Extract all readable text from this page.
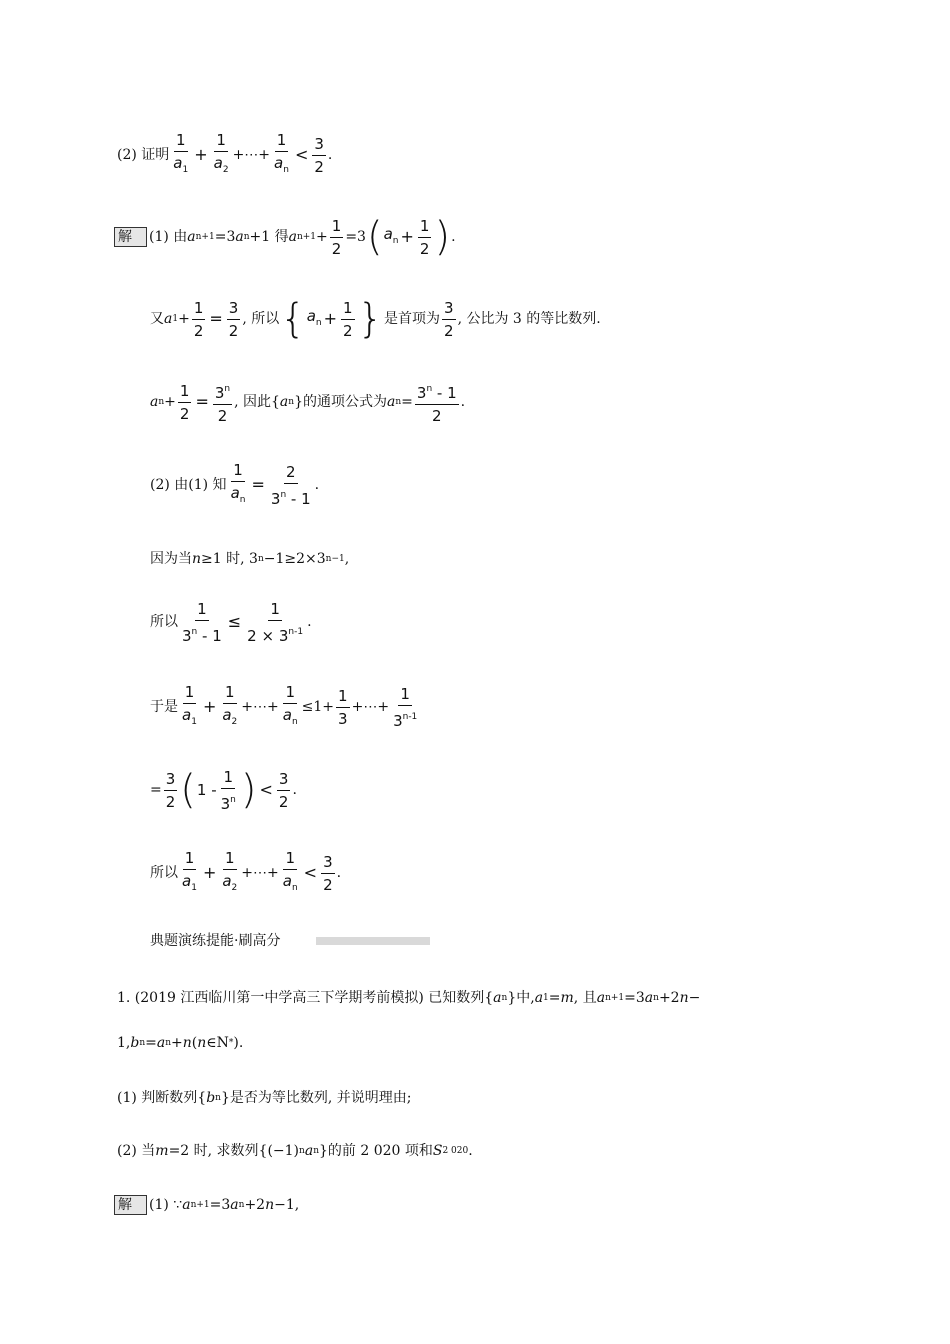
(2) 证明 $\frac{1}{a_1} + \frac{1}{a_2}$ +⋯+ $\frac{1}{a_n} < \frac{3}{2}$ .
解	(1) 由 a n+1 =3 a n +1 得 a $n+1 + \frac{1}{2} =3$ ( $a_n + \frac{1}{2}$ ) .
又 a $1 + \frac{1}{2} = \frac{3}{2}$ , 所以 { $a_n + \frac{1}{2}$ } 是首项为 $\frac{3}{2}$ , 公比为 3 的等比数列.
a $n + \frac{1}{2} = \frac{3^n}{2}$ , 因此{ a n }的通项公式为 a $n = \frac{3^n - 1}{2}$ .
(2) 由(1) 知 $\frac{1}{a_n} = \frac{2}{3^n - 1}$ .
因为当 n ≥1 时, 3 n −1≥2×3 n−1 ,
所以 $\frac{1}{3^n - 1} \le \frac{1}{2 \times 3^{n-1}}$ .
于是 $\frac{1}{a_1} + \frac{1}{a_2}$ +⋯+ $\frac{1}{a_n} \le 1+ \frac{1}{3}$ +⋯+ $\frac{1}{3^{n-1}}$
= $\frac{3}{2}$ ( $1 - \frac{1}{3^n}$ ) < $\frac{3}{2}$ .
所以 $\frac{1}{a_1} + \frac{1}{a_2}$ +⋯+ $\frac{1}{a_n} < \frac{3}{2}$ .
典题演练提能·刷高分
1. (2019 江西临川第一中学高三下学期考前模拟) 已知数列{ a n }中, a 1 = m , 且 a n+1 =3 a n +2 n −
1, b n = a n + n ( n ∈N * ).
(1) 判断数列{ b n }是否为等比数列, 并说明理由;
(2) 当 m =2 时, 求数列{(−1) n a n }的前 2 020 项和 S 2 020 .
解	(1) ∵ a n+1 =3 a n +2 n −1,
